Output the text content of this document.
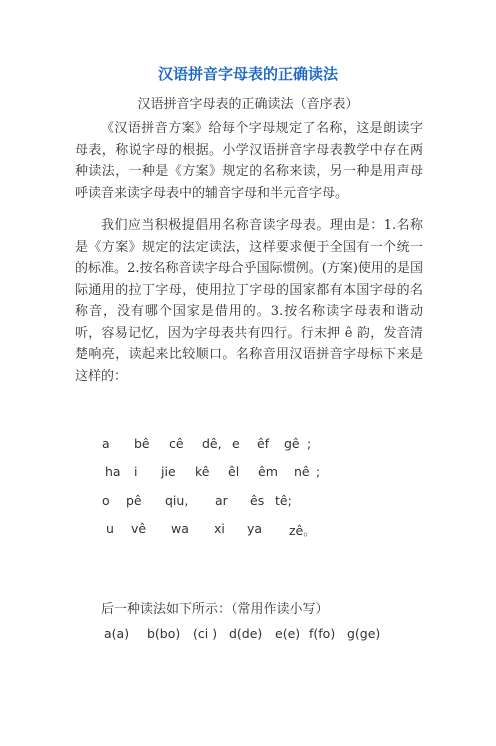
汉语拼音字母表的正确读法
汉语拼音字母表的正确读法（音序表）

《汉语拼音方案》给每个字母规定了名称，这是朗读字母表，称说字母的根据。小学汉语拼音字母表教学中存在两种读法，一种是《方案》规定的名称来读，另一种是用声母呼读音来读字母表中的辅音字母和半元音字母。

我们应当积极提倡用名称音读字母表。理由是：1.名称是《方案》规定的法定读法，这样要求便于全国有一个统一的标准。2.按名称音读字母合乎国际惯例。(方案)使用的是国际通用的拉丁字母，使用拉丁字母的国家都有本国字母的名称音，没有哪个国家是借用的。3.按名称读字母表和谐动听，容易记忆，因为字母表共有四行。行末押 ê 韵，发音清楚响亮，读起来比较顺口。名称音用汉语拼音字母标下来是这样的：

a

bê

cê

dê,

e

êf

gê

;

ha

i

jie

kê

êl

êm

nê

;

o

pê

qiu,

ar

ês

tê;

u

vê

wa

xi

ya

zê。

后一种读法如下所示：（常用作读小写）

a(a)

b(bo)

(ci )

d(de)

e(e)

f(fo)

g(ge)
